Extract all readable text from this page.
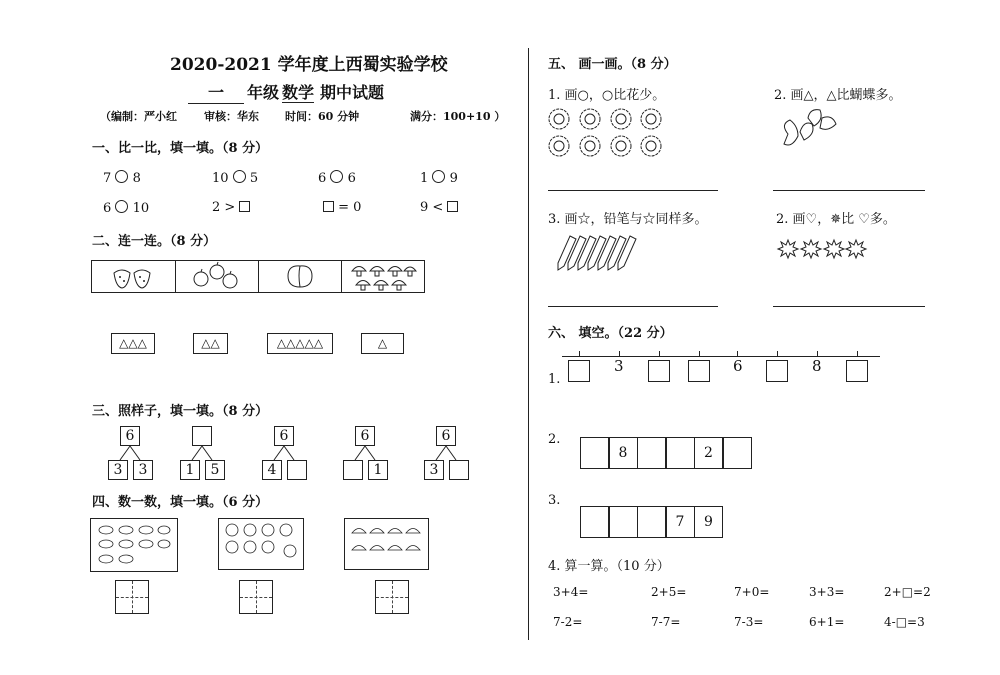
2020-2021 学年度上西蜀实验学校
一 年级 数学 期中试题
（编制：严小红 审核：华东 时间：60 分钟	满分：100+10 ）
一、比一比，填一填。（8 分）
7 8	10 5	6 6	1 9
6 10	2 >	= 0	9 <
二、连一连。（8 分）
△△△	△△	△△△△△	△
三、照样子，填一填。（8 分）
6
3	3	1	5
6
4
6
1
6
3
四、数一数，填一填。（6 分）
五、 画一画。（8 分）
1. 画○，○比花少。	2. 画△，△比蝴蝶多。
3. 画☆，铅笔与☆同样多。	2. 画♡，✵比 ♡多。
六、 填空。（22 分）
1.
3	6	8
2.
8	2
3.
7	9
4. 算一算。（10 分）
3+4=	2+5=	7+0=	3+3=	2+□=2
7-2=	7-7=	7-3=	6+1=	4-□=3
